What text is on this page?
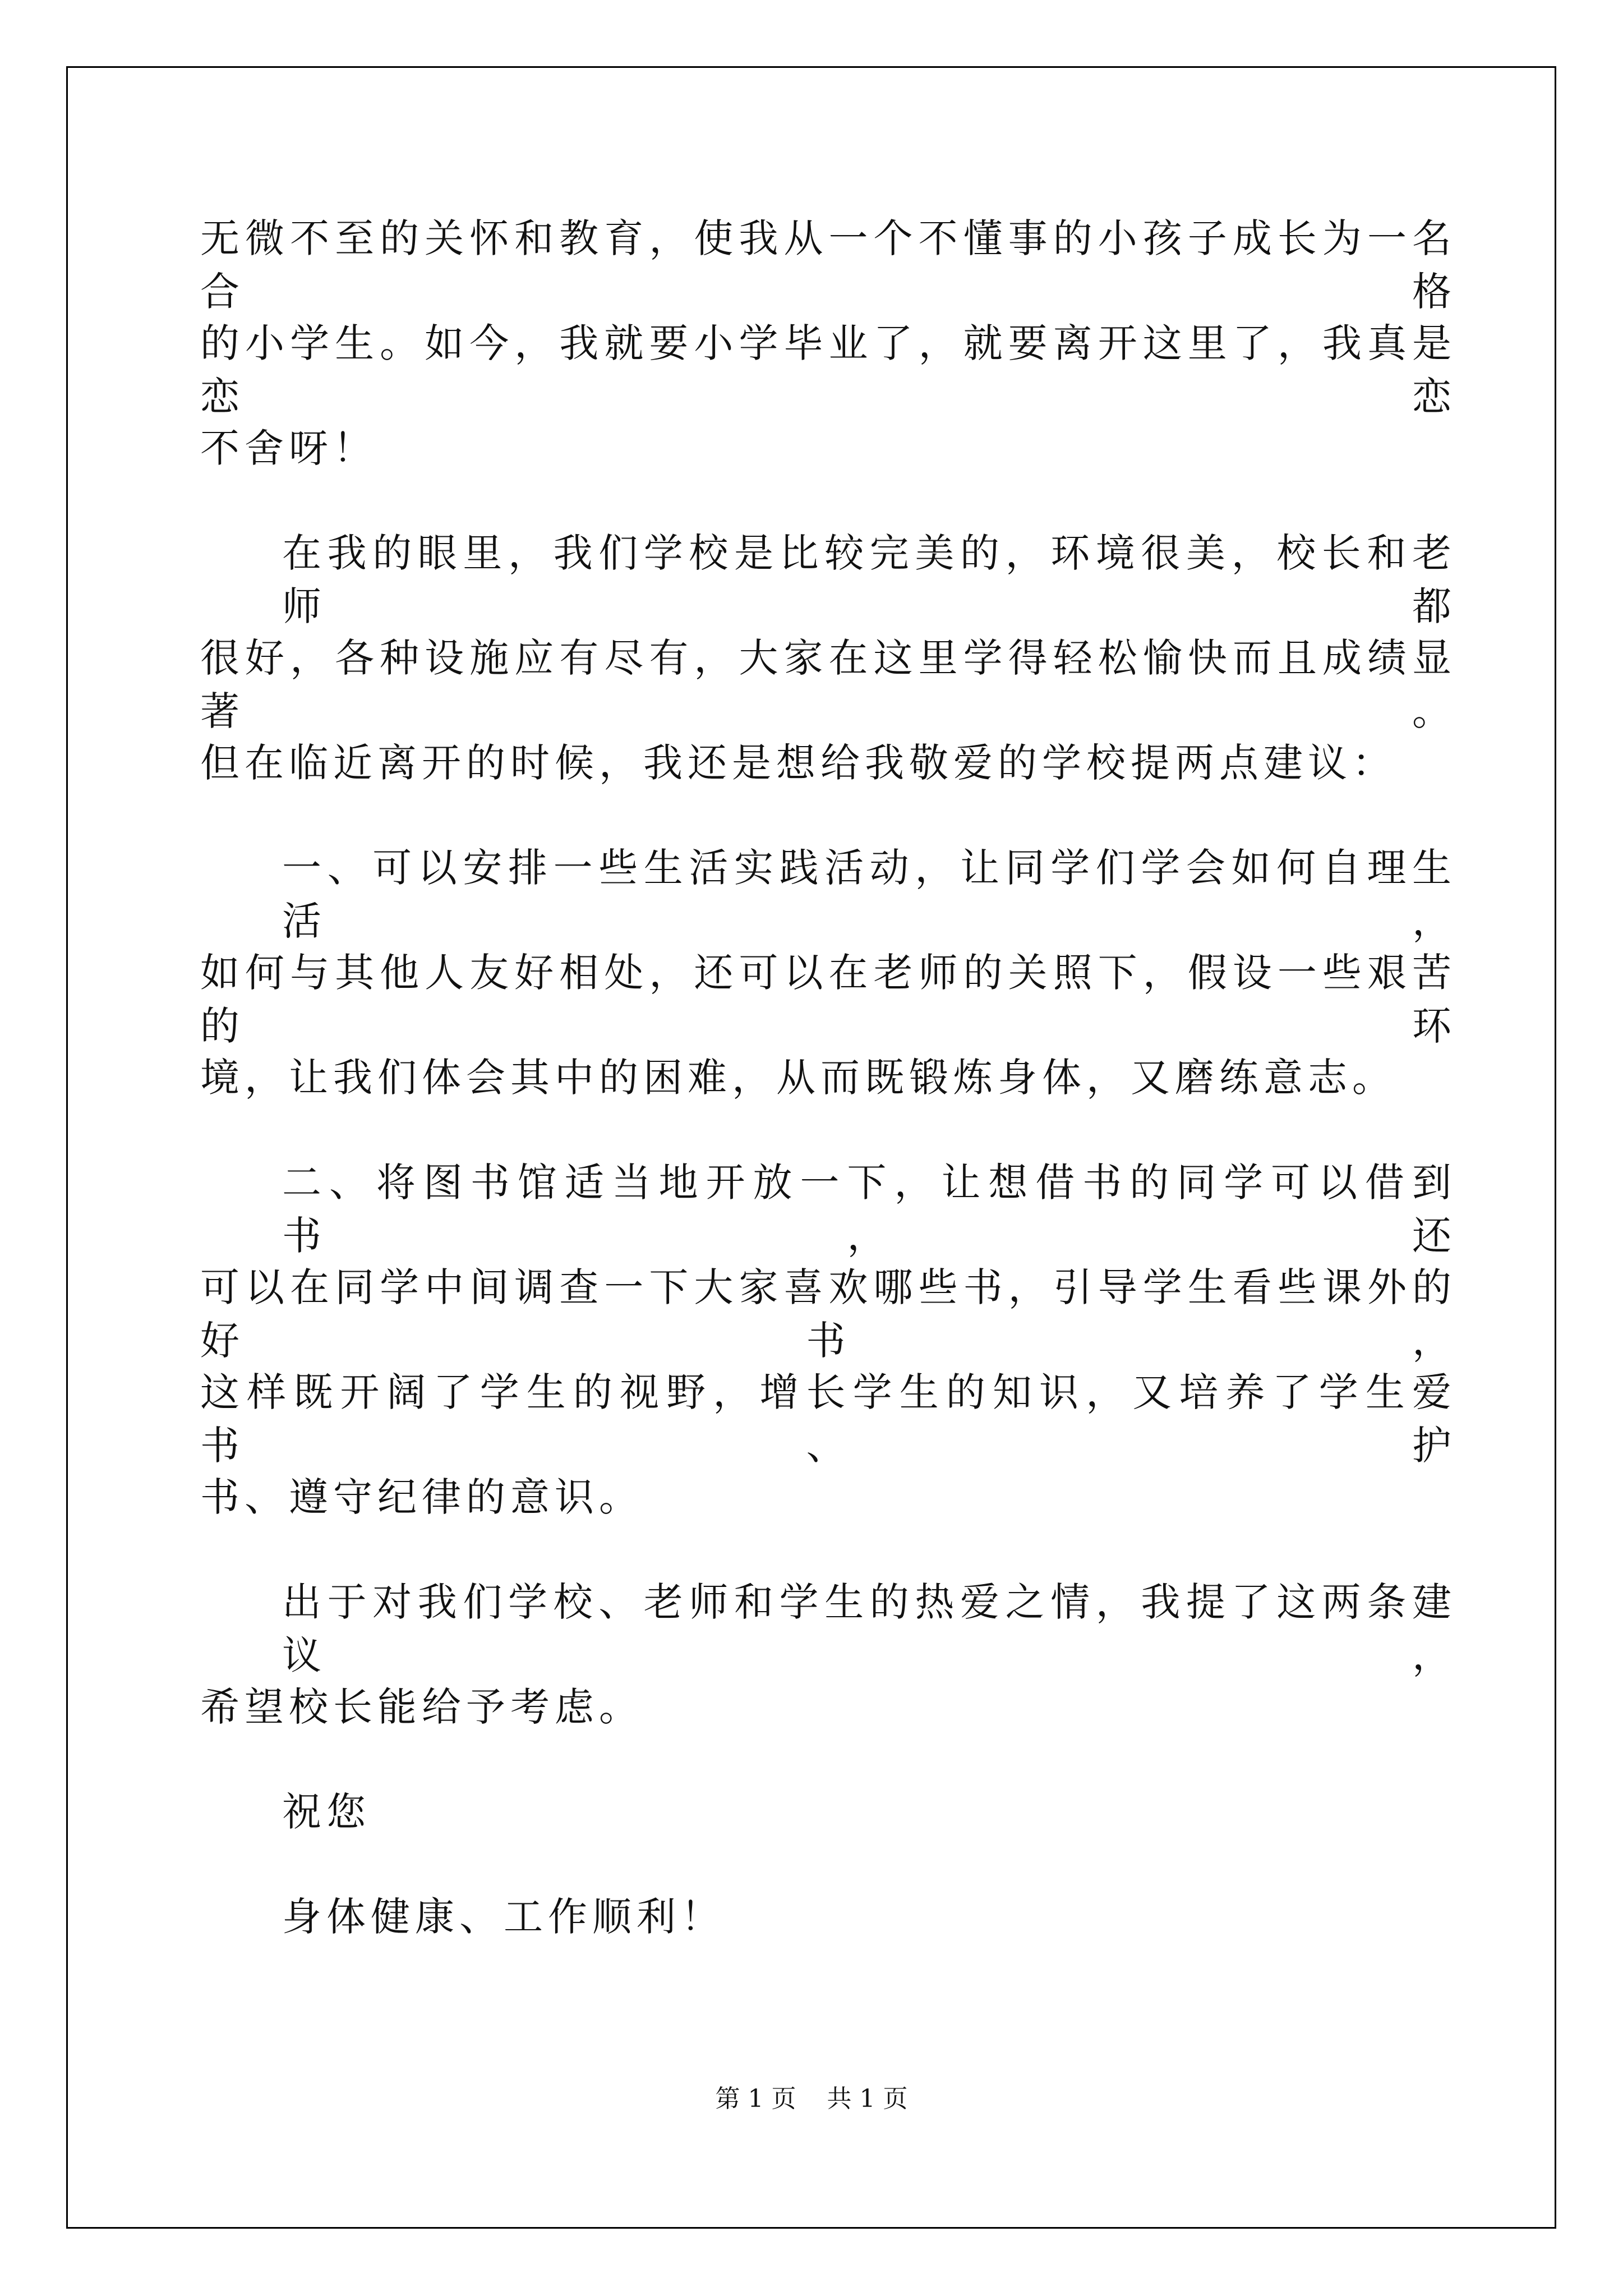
无微不至的关怀和教育，使我从一个不懂事的小孩子成长为一名合格
的小学生。如今，我就要小学毕业了，就要离开这里了，我真是恋恋
不舍呀！
在我的眼里，我们学校是比较完美的，环境很美，校长和老师都
很好，各种设施应有尽有，大家在这里学得轻松愉快而且成绩显著。
但在临近离开的时候，我还是想给我敬爱的学校提两点建议：
一、可以安排一些生活实践活动，让同学们学会如何自理生活，
如何与其他人友好相处，还可以在老师的关照下，假设一些艰苦的环
境，让我们体会其中的困难，从而既锻炼身体，又磨练意志。
二、将图书馆适当地开放一下，让想借书的同学可以借到书，还
可以在同学中间调查一下大家喜欢哪些书，引导学生看些课外的好书，
这样既开阔了学生的视野，增长学生的知识，又培养了学生爱书、护
书、遵守纪律的意识。
出于对我们学校、老师和学生的热爱之情，我提了这两条建议，
希望校长能给予考虑。
祝您
身体健康、工作顺利！
第 1 页 共 1 页
